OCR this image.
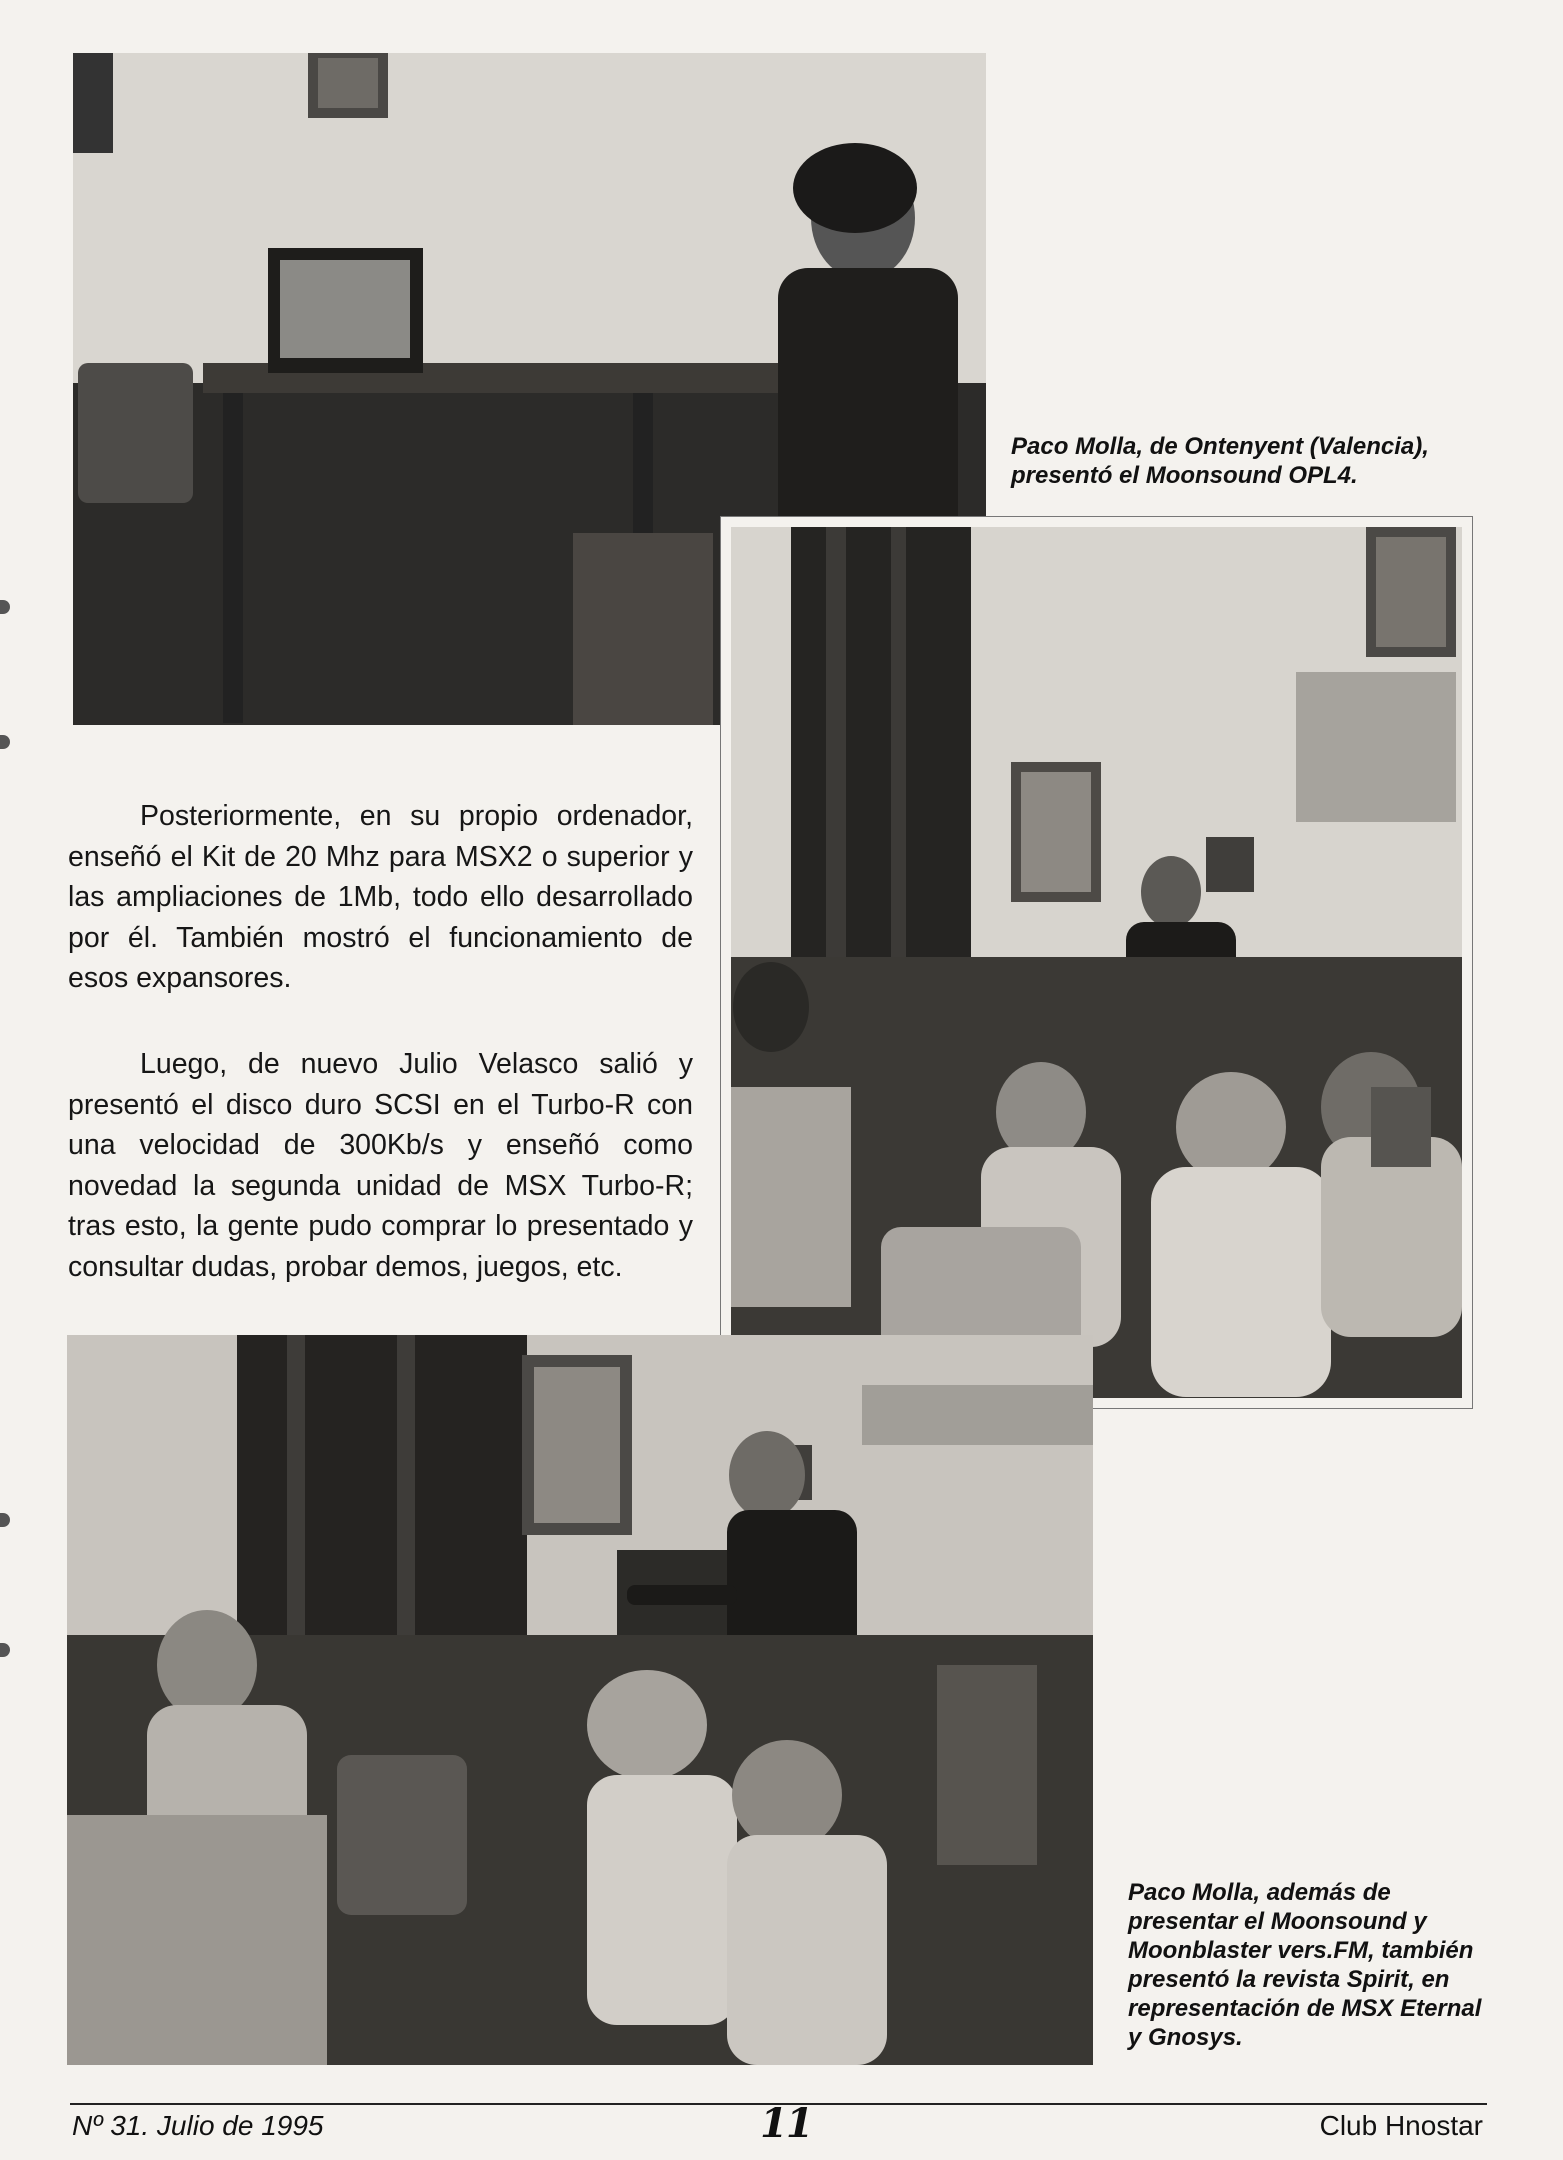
Paco Molla, de Ontenyent (Valencia), presentó el Moonsound OPL4.

Posteriormente, en su propio ordenador, enseñó el Kit de 20 Mhz para MSX2 o superior y las ampliaciones de 1Mb, todo ello desarrollado por él. También mostró el funcionamiento de esos expansores.

Luego, de nuevo Julio Velasco salió y presentó el disco duro SCSI en el Turbo-R con una velocidad de 300Kb/s y enseñó como novedad la segunda unidad de MSX Turbo-R; tras esto, la gente pudo comprar lo presentado y consultar dudas, probar demos, juegos, etc.

Paco Molla, además de presentar el Moonsound y Moonblaster vers.FM, también presentó la revista Spirit, en representación de MSX Eternal y Gnosys.
Nº 31. Julio de 1995	11	Club Hnostar
